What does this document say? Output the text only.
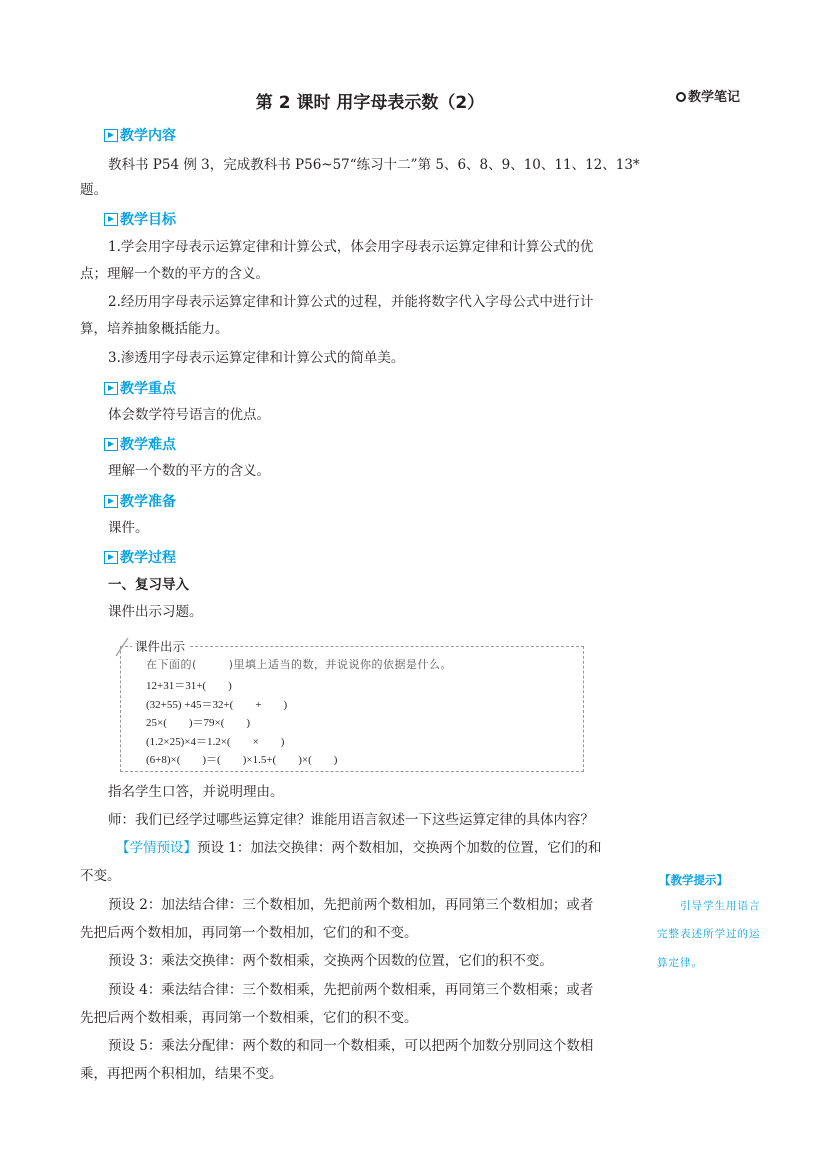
第 2 课时 用字母表示数（2）	教学笔记
教学内容
教科书 P54 例 3，完成教科书 P56~57“练习十二”第 5、6、8、9、10、11、12、13*
题。
教学目标
1.学会用字母表示运算定律和计算公式，体会用字母表示运算定律和计算公式的优
点；理解一个数的平方的含义。
2.经历用字母表示运算定律和计算公式的过程，并能将数字代入字母公式中进行计
算，培养抽象概括能力。
3.渗透用字母表示运算定律和计算公式的简单美。
教学重点
体会数学符号语言的优点。
教学难点
理解一个数的平方的含义。
教学准备
课件。
教学过程
一、复习导入
课件出示习题。
课件出示
在下面的(        )里填上适当的数，并说说你的依据是什么。
12+31＝31+(        )
(32+55) +45＝32+(        +        )
25×(        )＝79×(        )
(1.2×25)×4＝1.2×(        ×        )
(6+8)×(        )＝(        )×1.5+(        )×(        )
指名学生口答，并说明理由。
师：我们已经学过哪些运算定律？谁能用语言叙述一下这些运算定律的具体内容？
【学情预设】预设 1：加法交换律：两个数相加，交换两个加数的位置，它们的和
不变。
预设 2：加法结合律：三个数相加，先把前两个数相加，再同第三个数相加；或者
先把后两个数相加，再同第一个数相加，它们的和不变。
预设 3：乘法交换律：两个数相乘，交换两个因数的位置，它们的积不变。
预设 4：乘法结合律：三个数相乘，先把前两个数相乘，再同第三个数相乘；或者
先把后两个数相乘，再同第一个数相乘，它们的积不变。
预设 5：乘法分配律：两个数的和同一个数相乘，可以把两个加数分别同这个数相
乘，再把两个积相加，结果不变。
【教学提示】
引导学生用语言
完整表述所学过的运
算定律。
